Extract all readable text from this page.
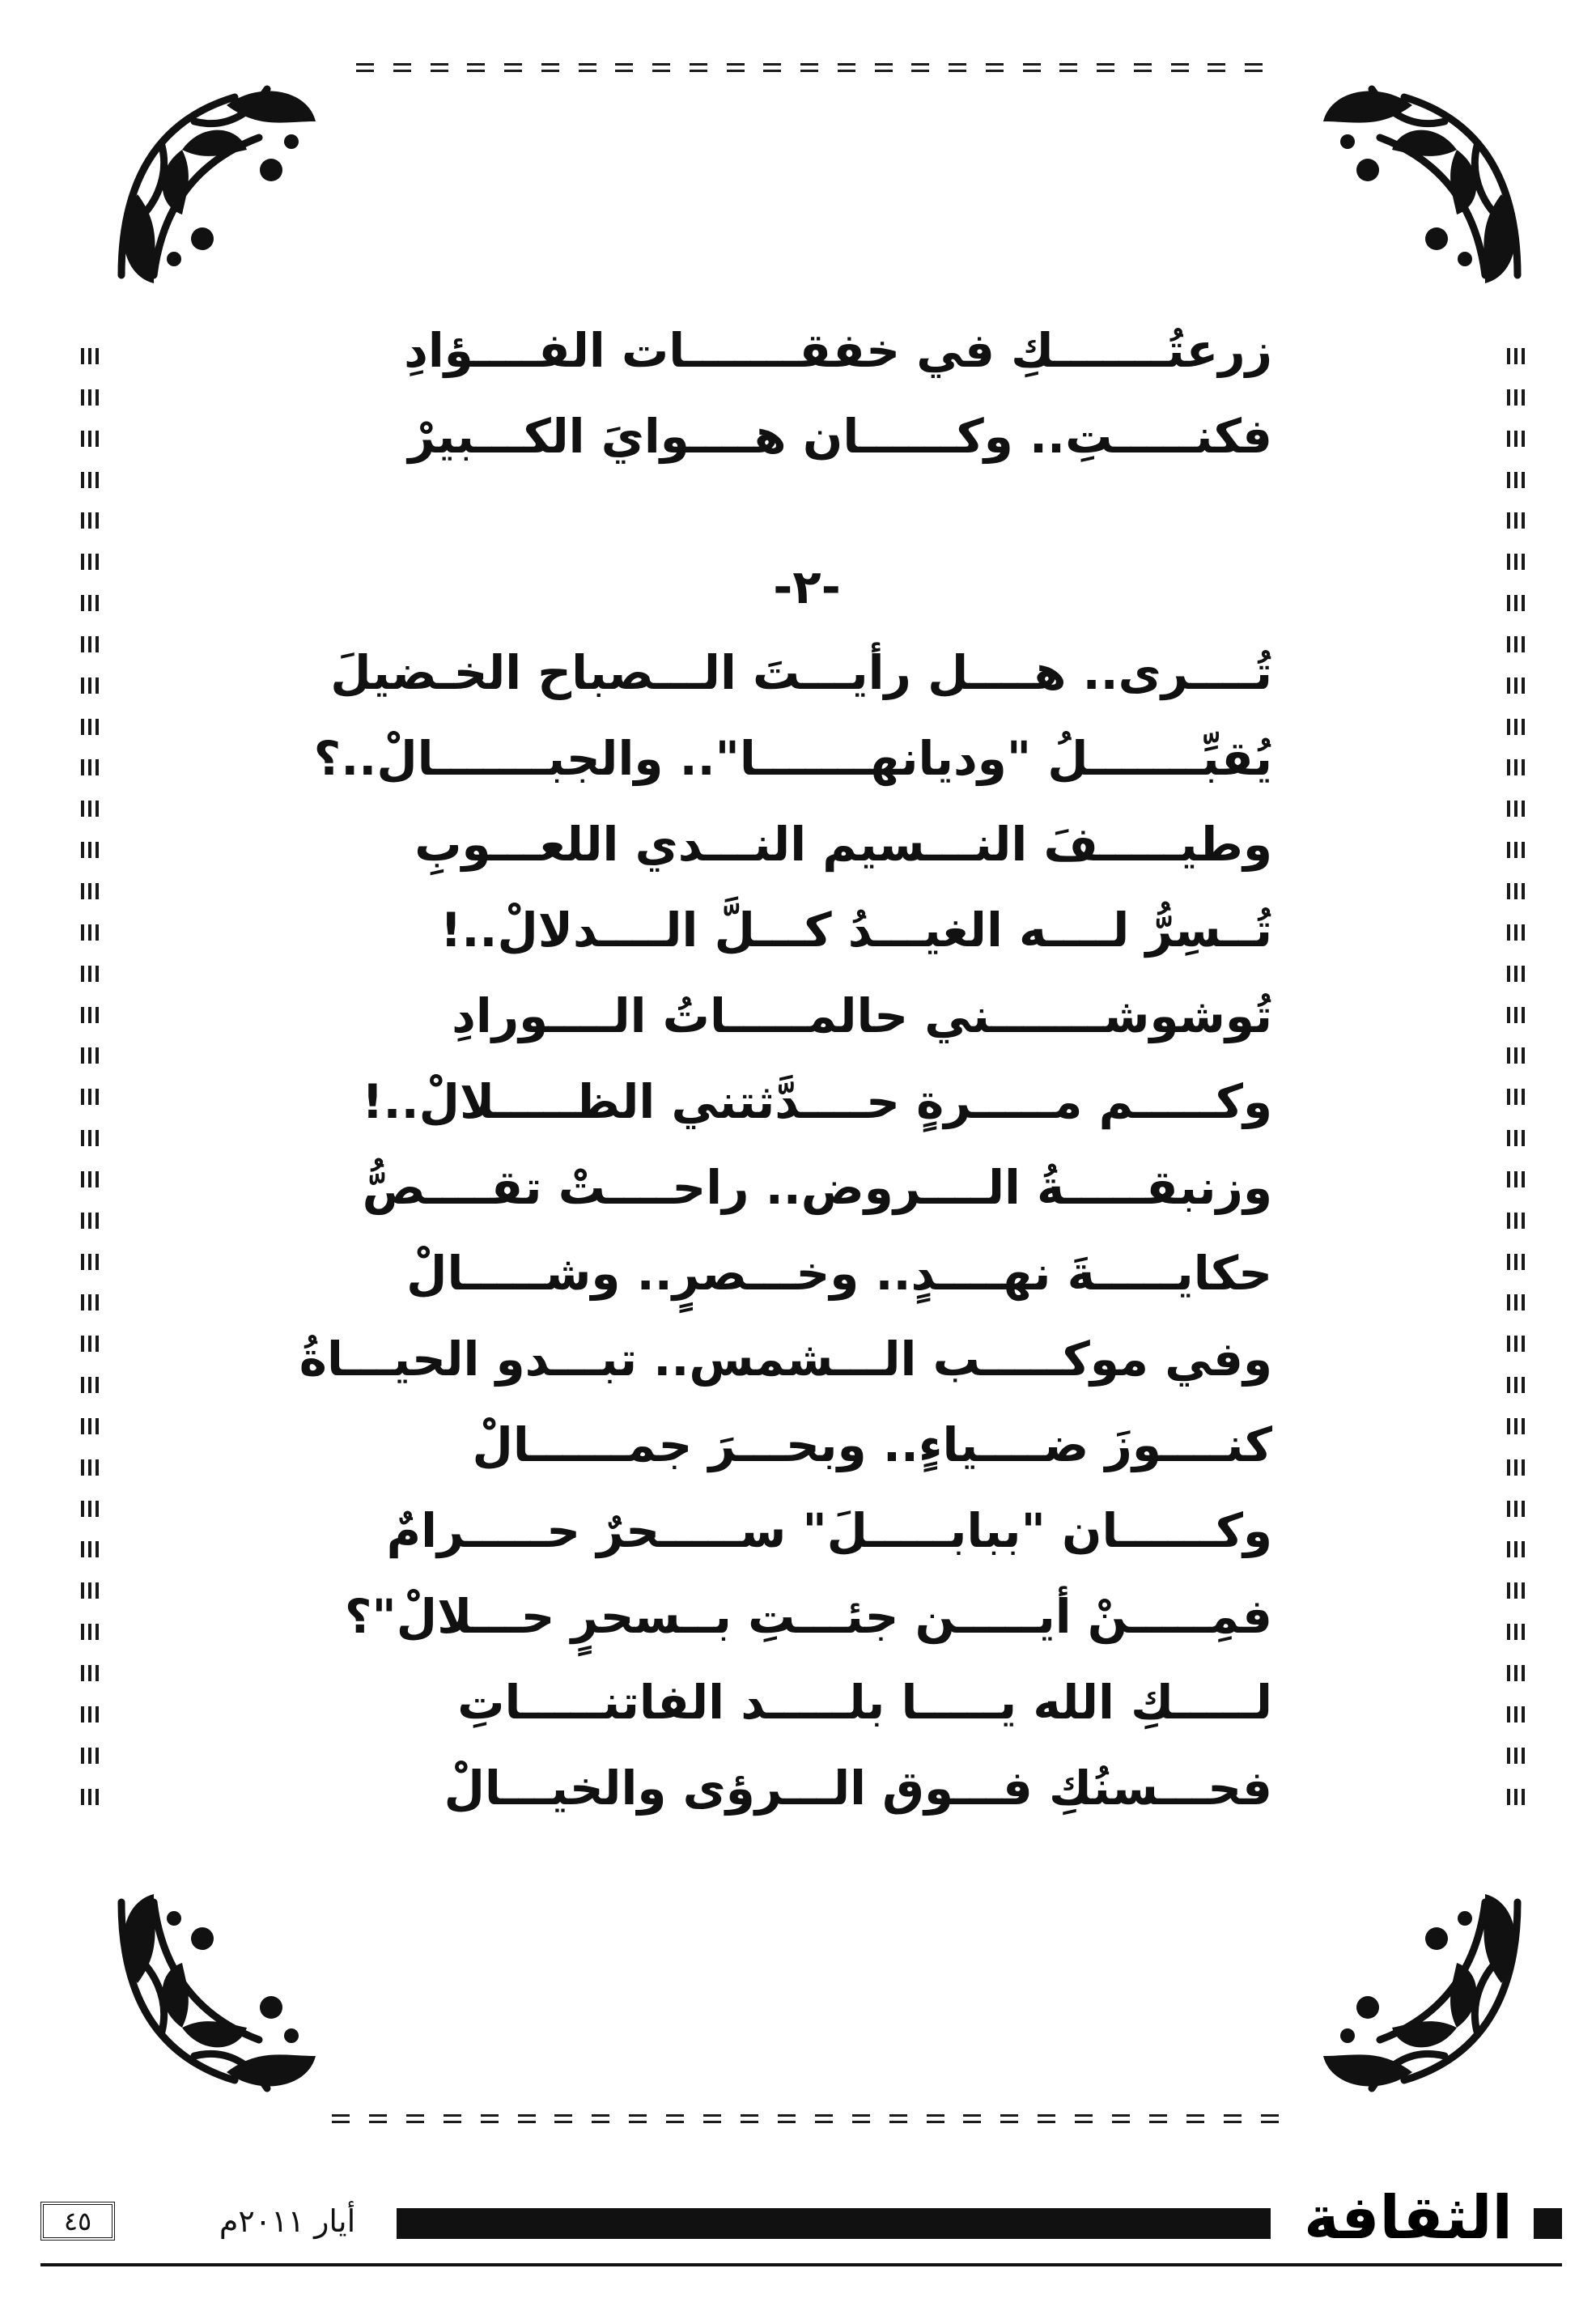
زرعتُـــــــكِ في خفقـــــــات الفــــؤادِ
فكنـــــتِ.. وكــــــان هــــوايَ الكـــبيرْ
-٢-
تُــــرى.. هــــل رأيـــتَ الـــصباح الخـضيلَ
يُقبِّـــــــلُ "وديانهـــــــا".. والجبـــــــالْ..؟
وطيـــــفَ النـــسيم النـــدي اللعـــوبِ
تُــسِرُّ لــــه الغيـــدُ كـــلَّ الــــدلالْ..!
تُوشوشـــــــني حالمـــــاتُ الــــورادِ
وكـــــم مـــــرةٍ حــــدَّثتني الظـــــلالْ..!
وزنبقـــــةُ الــــروض.. راحــــتْ تقــــصُّ
حكايـــــةَ نهــــدٍ.. وخـــصرٍ.. وشـــــالْ
وفي موكـــــب الـــشمس.. تبـــدو الحيـــاةُ
كنــــوزَ ضــــياءٍ.. وبحـــرَ جمــــــالْ
وكــــــان "ببابـــــلَ" ســـــحرٌ حـــــرامٌ
فمِـــــنْ أيـــــن جئـــتِ بــسحرٍ حـــلالْ"؟
لـــــكِ الله يـــــا بلـــــد الفاتنـــــاتِ
فحـــسنُكِ فـــوق الـــرؤى والخيـــالْ
٤٥	أيار ٢٠١١م	الثقافة
